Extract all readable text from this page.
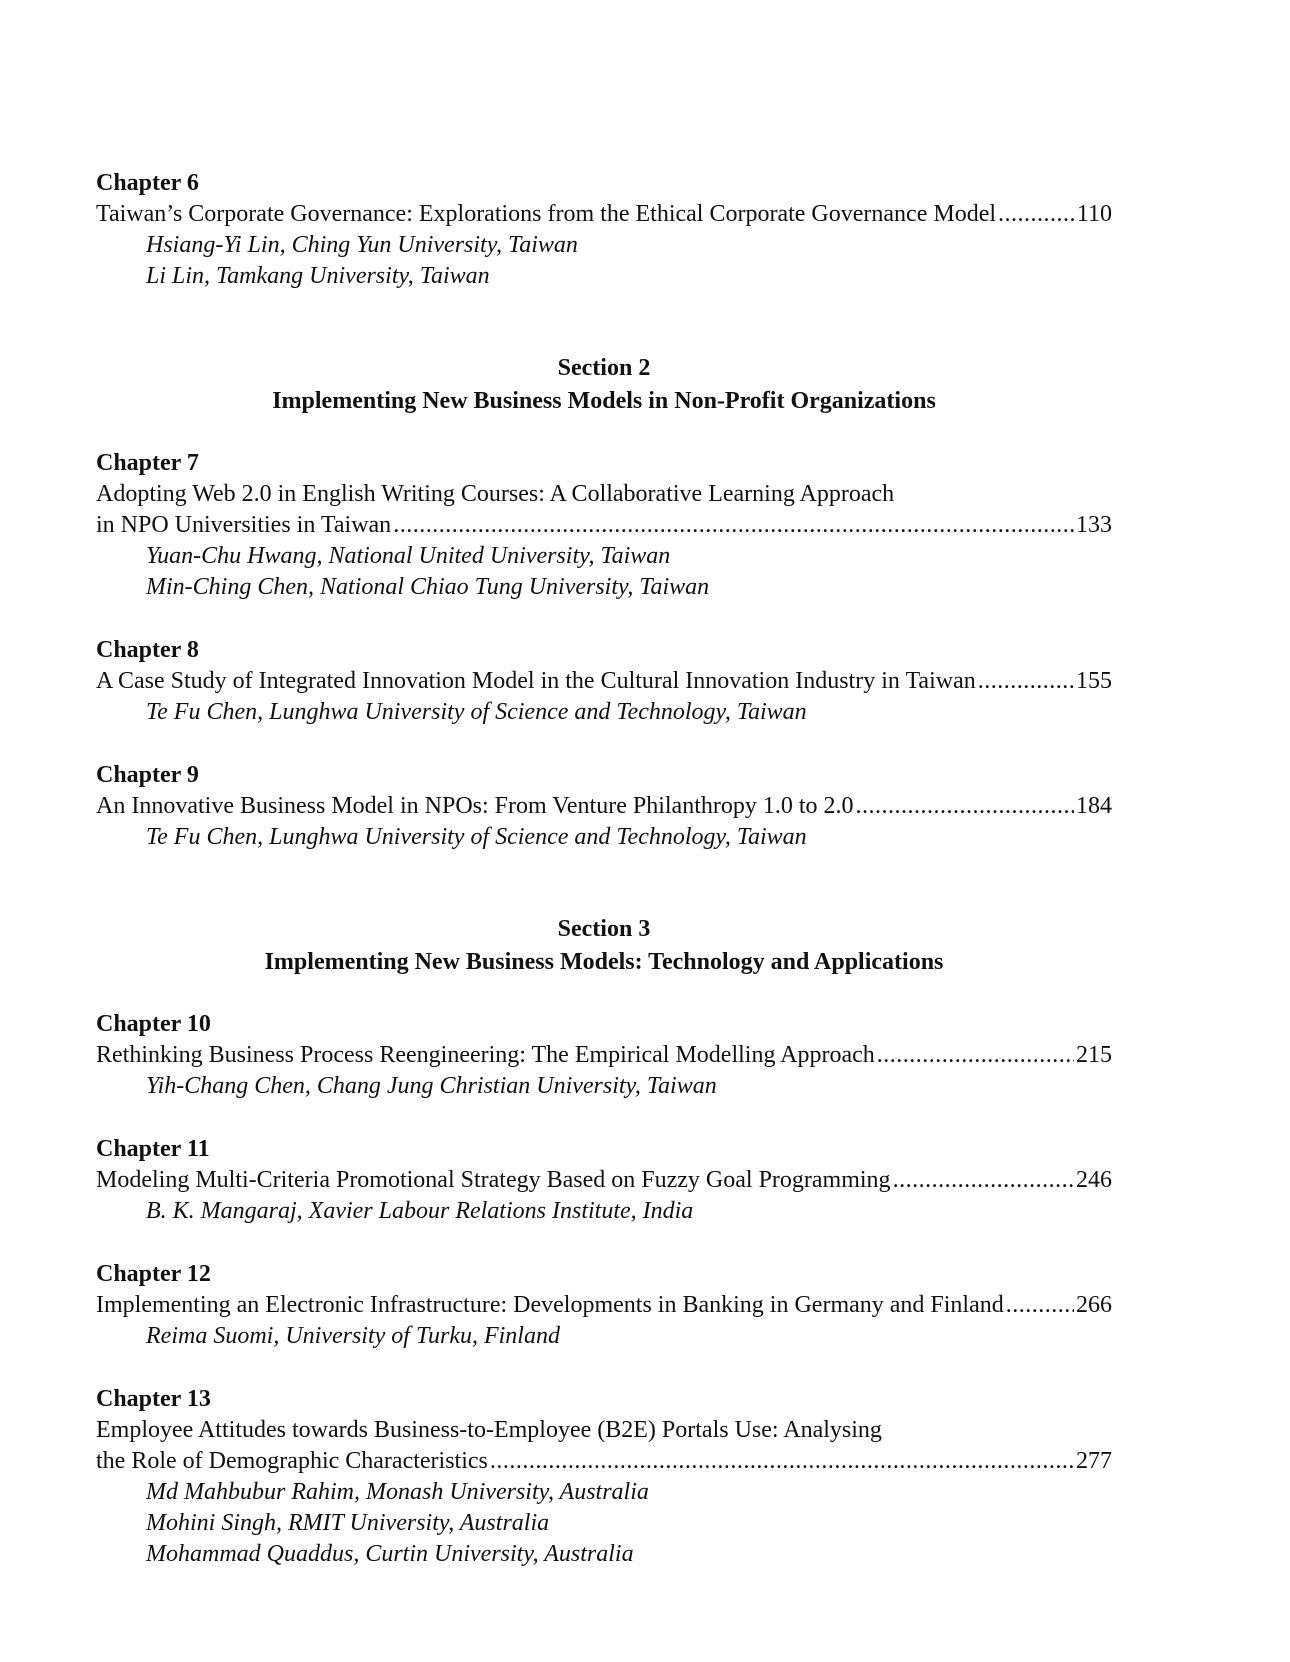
Chapter 6
Taiwan’s Corporate Governance: Explorations from the Ethical Corporate Governance Model .....	110
Hsiang-Yi Lin, Ching Yun University, Taiwan
Li Lin, Tamkang University, Taiwan
Section 2
Implementing New Business Models in Non-Profit Organizations
Chapter 7
Adopting Web 2.0 in English Writing Courses: A Collaborative Learning Approach
in NPO Universities in Taiwan .....	133
Yuan-Chu Hwang, National United University, Taiwan
Min-Ching Chen, National Chiao Tung University, Taiwan
Chapter 8
A Case Study of Integrated Innovation Model in the Cultural Innovation Industry in Taiwan .....	155
Te Fu Chen, Lunghwa University of Science and Technology, Taiwan
Chapter 9
An Innovative Business Model in NPOs: From Venture Philanthropy 1.0 to 2.0 .....	184
Te Fu Chen, Lunghwa University of Science and Technology, Taiwan
Section 3
Implementing New Business Models: Technology and Applications
Chapter 10
Rethinking Business Process Reengineering: The Empirical Modelling Approach .....	215
Yih-Chang Chen, Chang Jung Christian University, Taiwan
Chapter 11
Modeling Multi-Criteria Promotional Strategy Based on Fuzzy Goal Programming .....	246
B. K. Mangaraj, Xavier Labour Relations Institute, India
Chapter 12
Implementing an Electronic Infrastructure: Developments in Banking in Germany and Finland .....	266
Reima Suomi, University of Turku, Finland
Chapter 13
Employee Attitudes towards Business-to-Employee (B2E) Portals Use: Analysing
the Role of Demographic Characteristics .....	277
Md Mahbubur Rahim, Monash University, Australia
Mohini Singh, RMIT University, Australia
Mohammad Quaddus, Curtin University, Australia
